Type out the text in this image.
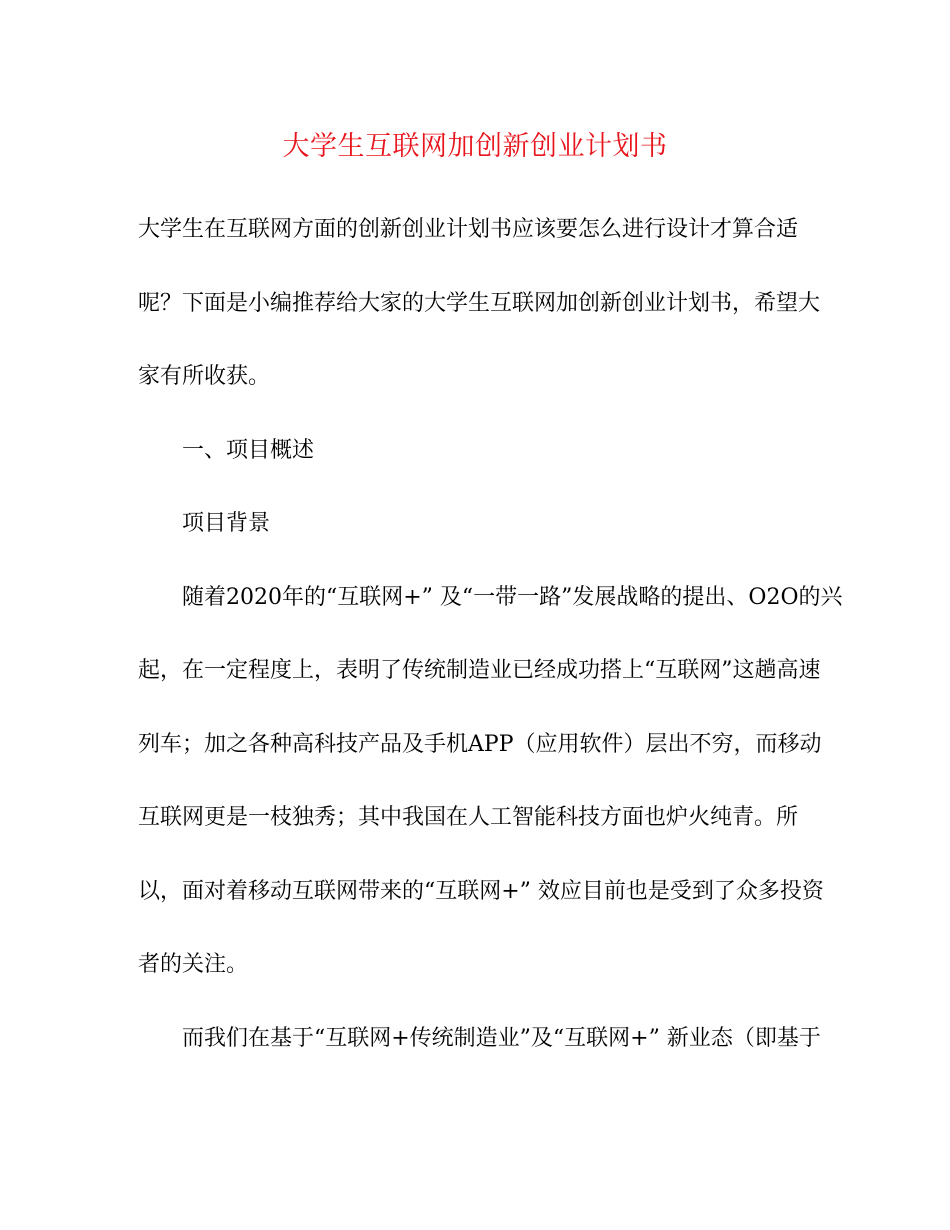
大学生互联网加创新创业计划书
大学生在互联网方面的创新创业计划书应该要怎么进行设计才算合适
呢？下面是小编推荐给大家的大学生互联网加创新创业计划书，希望大
家有所收获。
一、项目概述
项目背景
随着2020年的“互联网+” 及“一带一路”发展战略的提出、O2O的兴
起，在一定程度上，表明了传统制造业已经成功搭上“互联网”这趟高速
列车；加之各种高科技产品及手机APP（应用软件）层出不穷，而移动
互联网更是一枝独秀；其中我国在人工智能科技方面也炉火纯青。所
以，面对着移动互联网带来的“互联网+” 效应目前也是受到了众多投资
者的关注。
而我们在基于“互联网+传统制造业”及“互联网+” 新业态（即基于
